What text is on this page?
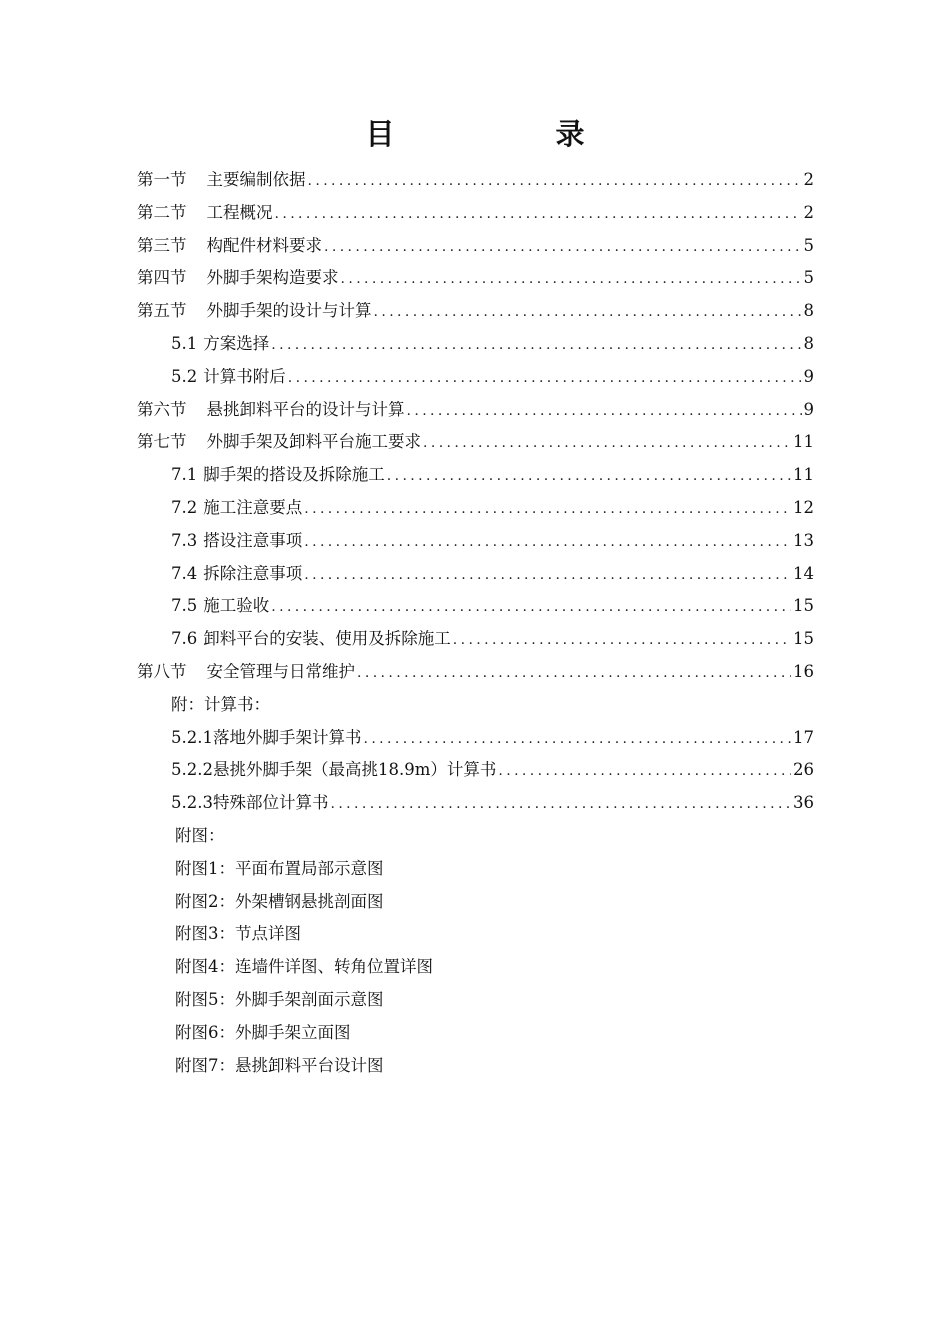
目　录
第一节 主要编制依据 .....	2
第二节 工程概况 .....	2
第三节 构配件材料要求 .....	5
第四节 外脚手架构造要求 .....	5
第五节 外脚手架的设计与计算 .....	8
5.1 方案选择 .....	8
5.2 计算书附后 .....	9
第六节 悬挑卸料平台的设计与计算 .....	9
第七节 外脚手架及卸料平台施工要求 .....	11
7.1 脚手架的搭设及拆除施工 .....	11
7.2 施工注意要点 .....	12
7.3 搭设注意事项 .....	13
7.4 拆除注意事项 .....	14
7.5 施工验收 .....	15
7.6 卸料平台的安装、使用及拆除施工 .....	15
第八节 安全管理与日常维护 .....	16
附：计算书：
5.2.1 落地外脚手架计算书 .....	17
5.2.2 悬挑外脚手架（最高挑18.9m）计算书 .....	26
5.2.3 特殊部位计算书 .....	36
附图：
附图1：平面布置局部示意图
附图2：外架槽钢悬挑剖面图
附图3：节点详图
附图4：连墙件详图、转角位置详图
附图5：外脚手架剖面示意图
附图6：外脚手架立面图
附图7：悬挑卸料平台设计图
